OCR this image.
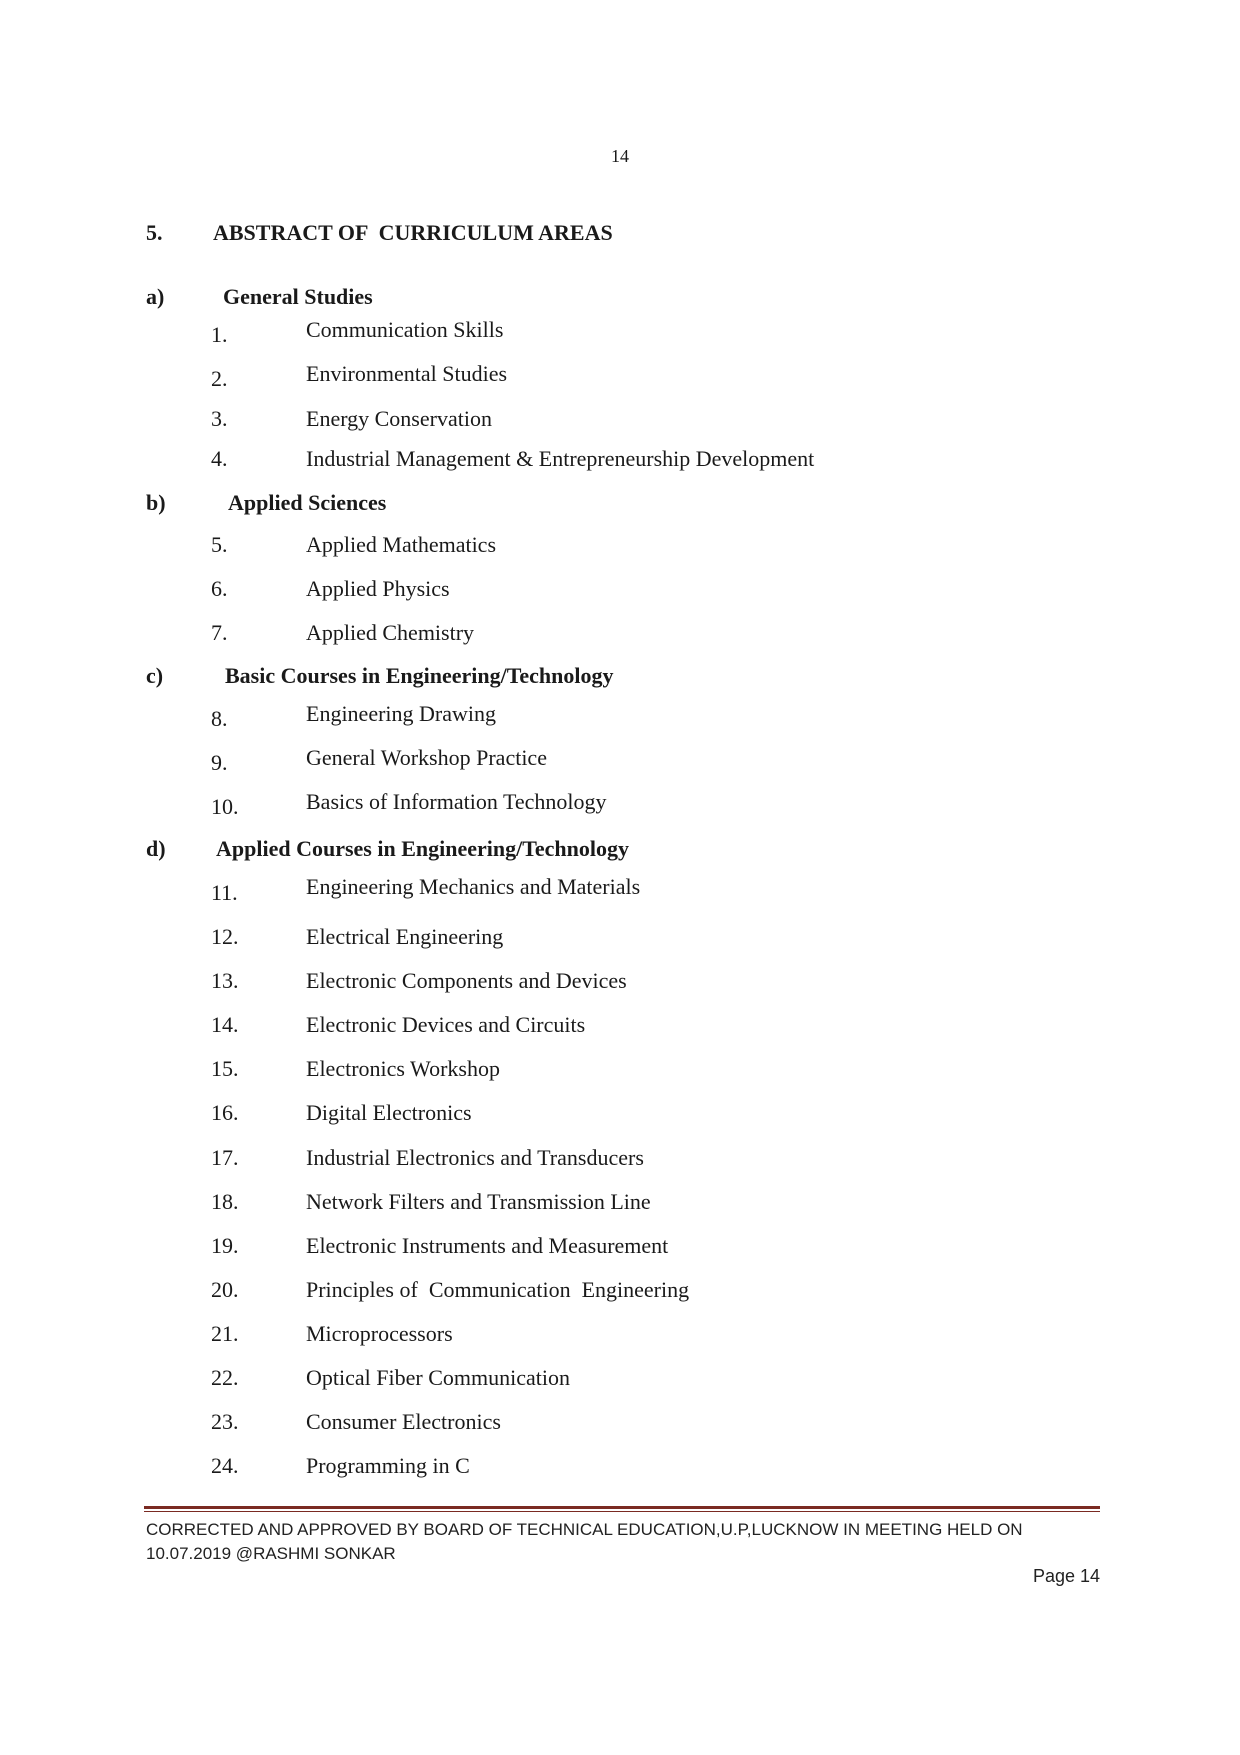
14
5. ABSTRACT OF  CURRICULUM AREAS
a)	General Studies
1.	Communication Skills
2.	Environmental Studies
3.	Energy Conservation
4.	Industrial Management & Entrepreneurship Development
b)	Applied Sciences
5.	Applied Mathematics
6.	Applied Physics
7.	Applied Chemistry
c)	Basic Courses in Engineering/Technology
8.	Engineering Drawing
9.	General Workshop Practice
10.	Basics of Information Technology
d) Applied Courses in Engineering/Technology
11.	Engineering Mechanics and Materials
12.	Electrical Engineering
13.	Electronic Components and Devices
14.	Electronic Devices and Circuits
15.	Electronics Workshop
16.	Digital Electronics
17.	Industrial Electronics and Transducers
18.	Network Filters and Transmission Line
19.	Electronic Instruments and Measurement
20.	Principles of  Communication  Engineering
21.	Microprocessors
22.	Optical Fiber Communication
23.	Consumer Electronics
24.	Programming in C
CORRECTED AND APPROVED BY BOARD OF TECHNICAL EDUCATION,U.P,LUCKNOW IN MEETING HELD ON
10.07.2019 @RASHMI SONKAR
Page 14
